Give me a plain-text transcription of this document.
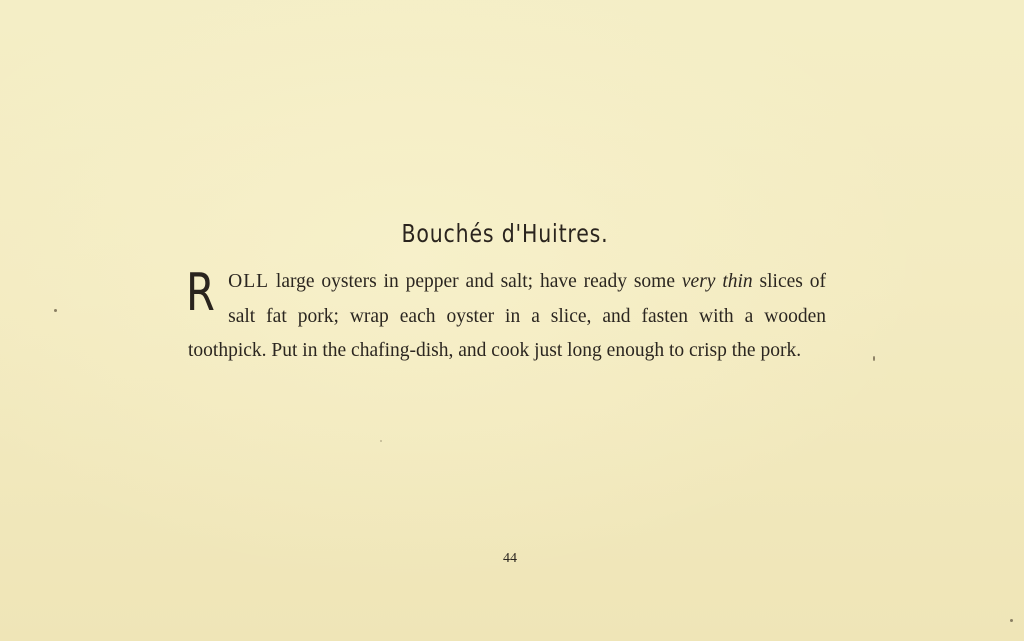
Bouchés d'Huitres.
ROLL large oysters in pepper and salt; have ready some very thin slices of salt fat pork; wrap each oyster in a slice, and fasten with a wooden toothpick. Put in the chafing-dish, and cook just long enough to crisp the pork.
44
